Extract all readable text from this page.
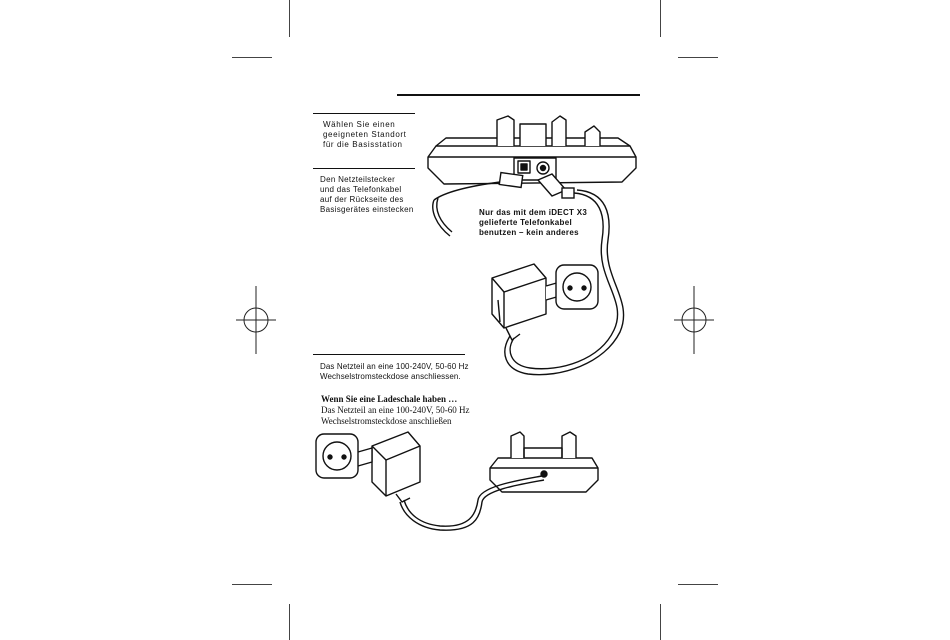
Wählen Sie einen
geeigneten Standort
für die Basisstation
Den Netzteilstecker
und das Telefonkabel
auf der Rückseite des
Basisgerätes einstecken	Nur das mit dem iDECT X3
gelieferte Telefonkabel
benutzen – kein anderes
Das Netzteil an eine 100-240V, 50-60 Hz
Wechselstromsteckdose anschliessen.
Wenn Sie eine Ladeschale haben …
Das Netzteil an eine 100-240V, 50-60 Hz
Wechselstromsteckdose anschließen
